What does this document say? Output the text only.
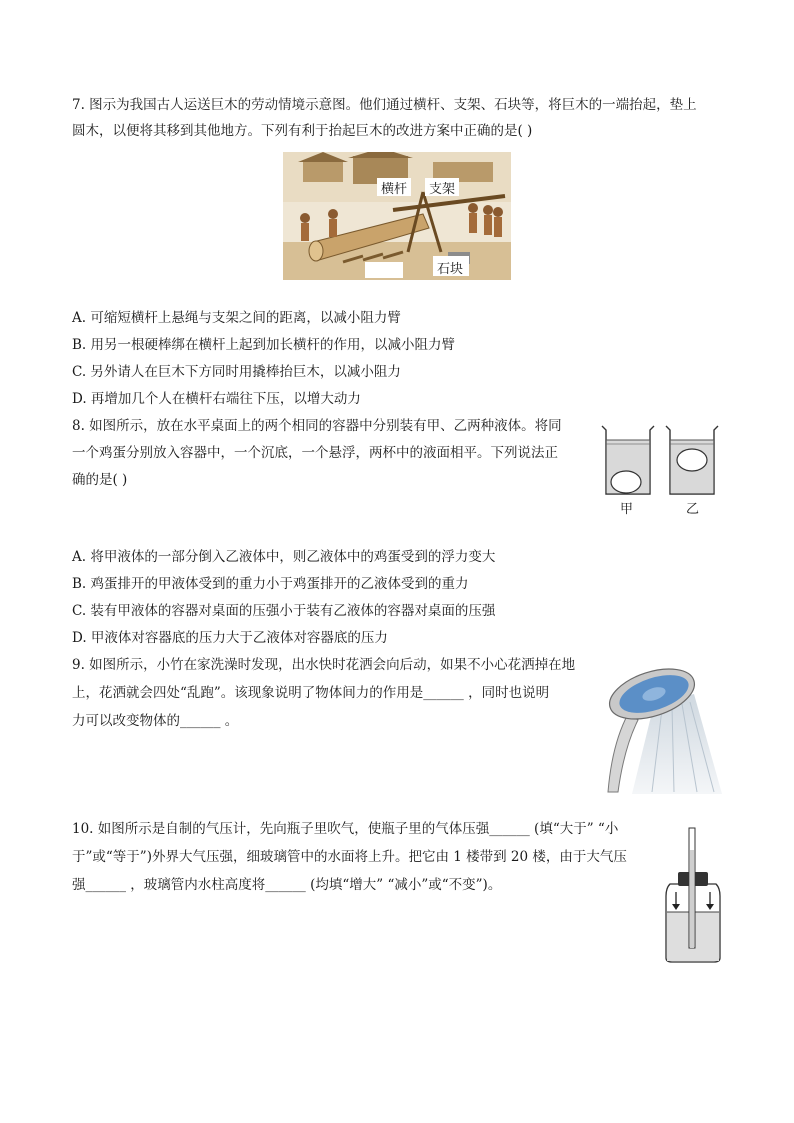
7. 图示为我国古人运送巨木的劳动情境示意图。他们通过横杆、支架、石块等，将巨木的一端抬起，垫上
圆木，以便将其移到其他地方。下列有利于抬起巨木的改进方案中正确的是( )
横杆 支架
石块
A. 可缩短横杆上悬绳与支架之间的距离，以减小阻力臂
B. 用另一根硬棒绑在横杆上起到加长横杆的作用，以减小阻力臂
C. 另外请人在巨木下方同时用撬棒抬巨木，以减小阻力
D. 再增加几个人在横杆右端往下压，以增大动力
8. 如图所示，放在水平桌面上的两个相同的容器中分别装有甲、乙两种液体。将同
一个鸡蛋分别放入容器中，一个沉底，一个悬浮，两杯中的液面相平。下列说法正
确的是( )
甲	乙
A. 将甲液体的一部分倒入乙液体中，则乙液体中的鸡蛋受到的浮力变大
B. 鸡蛋排开的甲液体受到的重力小于鸡蛋排开的乙液体受到的重力
C. 装有甲液体的容器对桌面的压强小于装有乙液体的容器对桌面的压强
D. 甲液体对容器底的压力大于乙液体对容器底的压力
9. 如图所示，小竹在家洗澡时发现，出水快时花洒会向后动，如果不小心花洒掉在地
上，花洒就会四处“乱跑”。该现象说明了物体间力的作用是______ ，同时也说明
力可以改变物体的______ 。
10. 如图所示是自制的气压计，先向瓶子里吹气，使瓶子里的气体压强______ (填“大于” “小
于”或“等于”)外界大气压强，细玻璃管中的水面将上升。把它由 1 楼带到 20 楼，由于大气压
强______ ，玻璃管内水柱高度将______ (均填“增大” “减小”或“不变”)。
